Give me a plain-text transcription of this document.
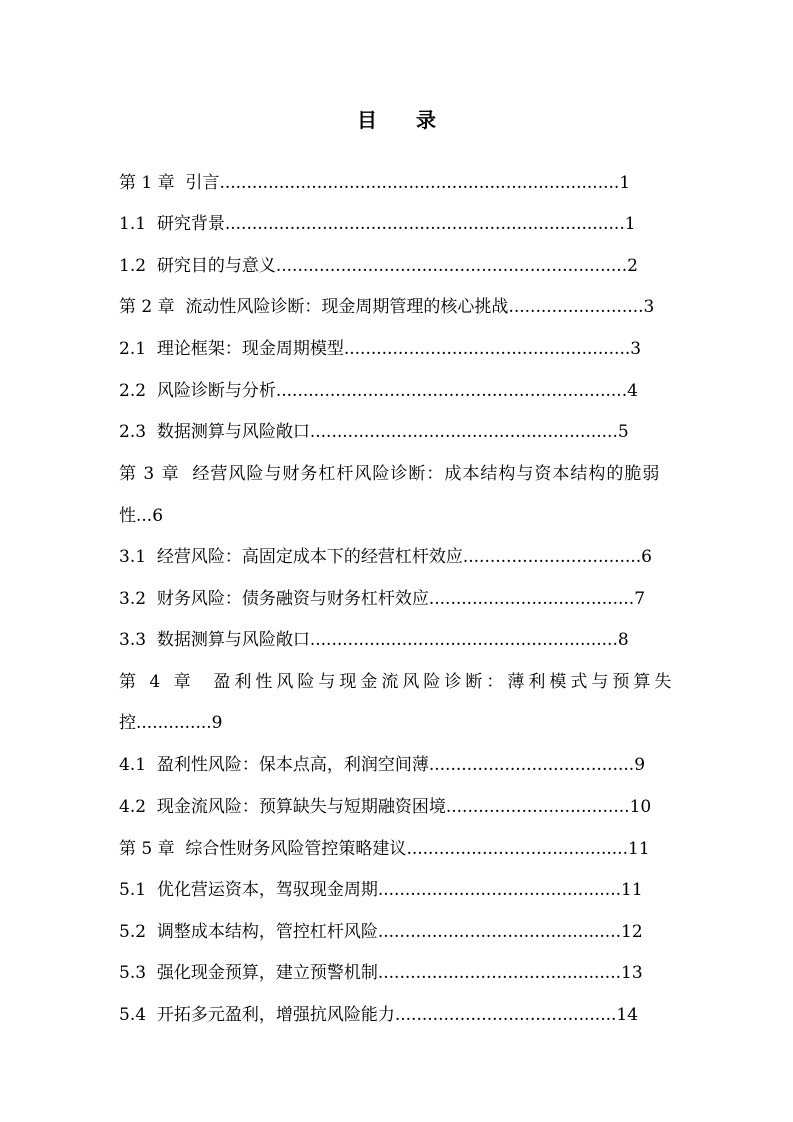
目 录
第 1 章  引言..........................................................................1
1.1  研究背景..........................................................................1
1.2  研究目的与意义.................................................................2
第 2 章  流动性风险诊断：现金周期管理的核心挑战.........................3
2.1  理论框架：现金周期模型.....................................................3
2.2  风险诊断与分析.................................................................4
2.3  数据测算与风险敞口.........................................................5
第 3 章  经营风险与财务杠杆风险诊断：成本结构与资本结构的脆弱
性...6
3.1  经营风险：高固定成本下的经营杠杆效应.................................6
3.2  财务风险：债务融资与财务杠杆效应......................................7
3.3  数据测算与风险敞口.........................................................8
第 4 章  盈利性风险与现金流风险诊断：薄利模式与预算失
控..............9
4.1  盈利性风险：保本点高，利润空间薄......................................9
4.2  现金流风险：预算缺失与短期融资困境..................................10
第 5 章  综合性财务风险管控策略建议.........................................11
5.1  优化营运资本，驾驭现金周期.............................................11
5.2  调整成本结构，管控杠杆风险.............................................12
5.3  强化现金预算，建立预警机制.............................................13
5.4  开拓多元盈利，增强抗风险能力.........................................14
